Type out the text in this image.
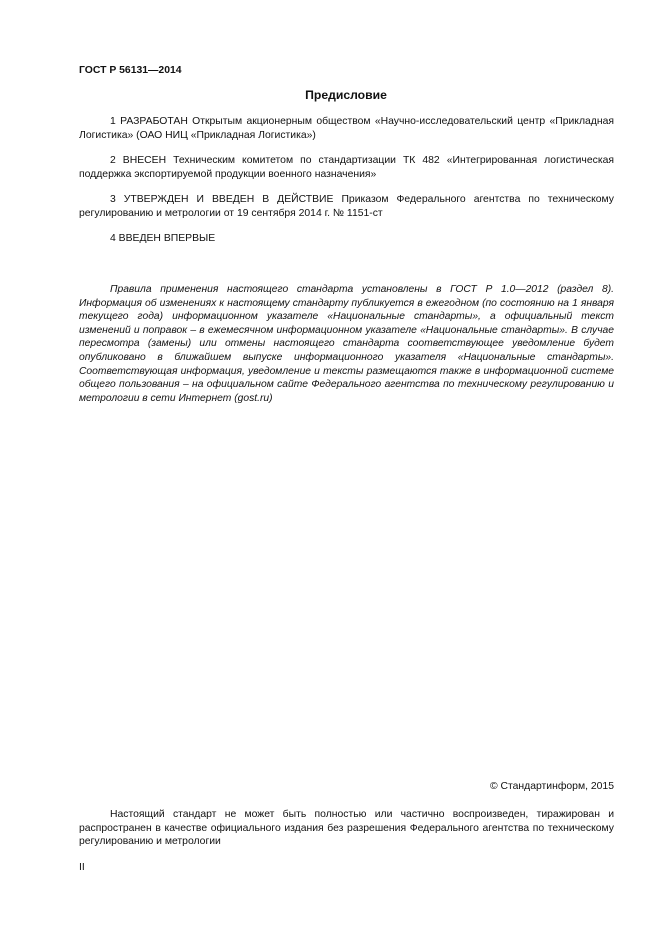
ГОСТ Р 56131—2014
Предисловие
1 РАЗРАБОТАН Открытым акционерным обществом «Научно-исследовательский центр «Прикладная Логистика» (ОАО НИЦ «Прикладная Логистика»)
2 ВНЕСЕН Техническим комитетом по стандартизации ТК 482 «Интегрированная логистическая поддержка экспортируемой продукции военного назначения»
3 УТВЕРЖДЕН И ВВЕДЕН В ДЕЙСТВИЕ Приказом Федерального агентства по техническому регулированию и метрологии от 19 сентября 2014 г. № 1151-ст
4 ВВЕДЕН ВПЕРВЫЕ
Правила применения настоящего стандарта установлены в ГОСТ Р 1.0—2012 (раздел 8). Информация об изменениях к настоящему стандарту публикуется в ежегодном (по состоянию на 1 января текущего года) информационном указателе «Национальные стандарты», а официальный текст изменений и поправок – в ежемесячном информационном указателе «Национальные стандарты». В случае пересмотра (замены) или отмены настоящего стандарта соответствующее уведомление будет опубликовано в ближайшем выпуске информационного указателя «Национальные стандарты». Соответствующая информация, уведомление и тексты размещаются также в информационной системе общего пользования – на официальном сайте Федерального агентства по техническому регулированию и метрологии в сети Интернет (gost.ru)
© Стандартинформ, 2015
Настоящий стандарт не может быть полностью или частично воспроизведен, тиражирован и распространен в качестве официального издания без разрешения Федерального агентства по техническому регулированию и метрологии
II
